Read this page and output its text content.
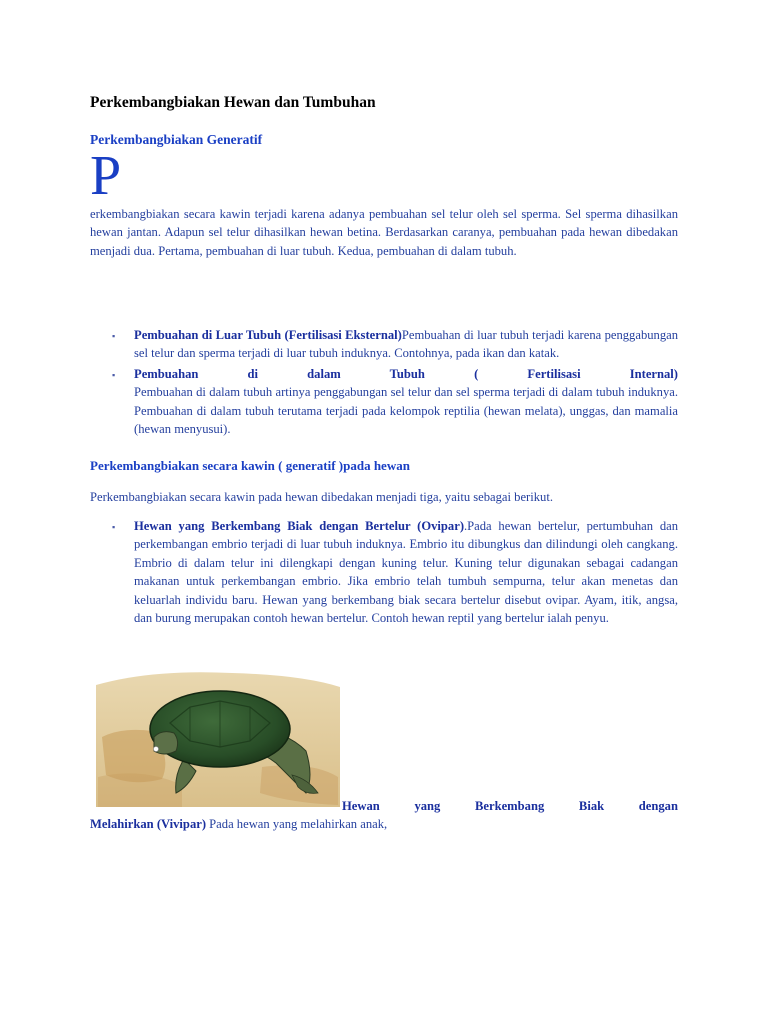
Perkembangbiakan Hewan dan Tumbuhan
Perkembangbiakan Generatif
P
erkembangbiakan secara kawin terjadi karena adanya pembuahan sel telur oleh sel sperma. Sel sperma dihasilkan hewan jantan. Adapun sel telur dihasilkan hewan betina. Berdasarkan caranya, pembuahan pada hewan dibedakan menjadi dua. Pertama, pembuahan di luar tubuh. Kedua, pembuahan di dalam tubuh.
▪ Pembuahan di Luar Tubuh (Fertilisasi Eksternal)Pembuahan di luar tubuh terjadi karena penggabungan sel telur dan sperma terjadi di luar tubuh induknya. Contohnya, pada ikan dan katak.
▪ Pembuahan di dalam Tubuh ( Fertilisasi Internal)
Pembuahan di dalam tubuh artinya penggabungan sel telur dan sel sperma terjadi di dalam tubuh induknya. Pembuahan di dalam tubuh terutama terjadi pada kelompok reptilia (hewan melata), unggas, dan mamalia (hewan menyusui).
Perkembangbiakan secara kawin ( generatif )pada hewan
Perkembangbiakan secara kawin pada hewan dibedakan menjadi tiga, yaitu sebagai berikut.
▪ Hewan yang Berkembang Biak dengan Bertelur (Ovipar).Pada hewan bertelur, pertumbuhan dan perkembangan embrio terjadi di luar tubuh induknya. Embrio itu dibungkus dan dilindungi oleh cangkang. Embrio di dalam telur ini dilengkapi dengan kuning telur. Kuning telur digunakan sebagai cadangan makanan untuk perkembangan embrio. Jika embrio telah tumbuh sempurna, telur akan menetas dan keluarlah individu baru. Hewan yang berkembang biak secara bertelur disebut ovipar. Ayam, itik, angsa, dan burung merupakan contoh hewan bertelur. Contoh hewan reptil yang bertelur ialah penyu.
Hewan	yang	Berkembang	Biak	dengan
Melahirkan (Vivipar) Pada hewan yang melahirkan anak,
